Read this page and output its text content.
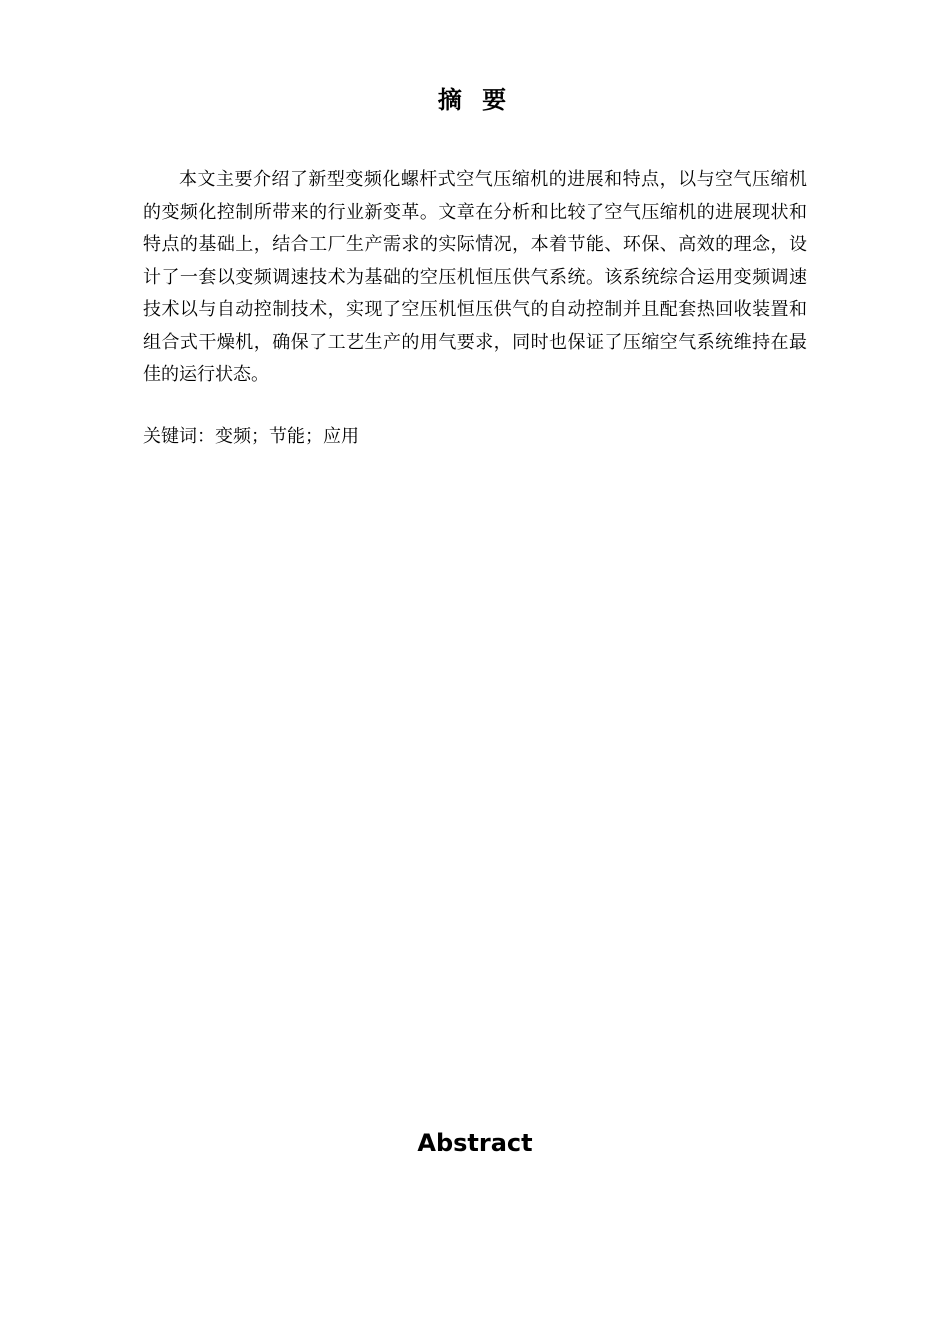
摘 要

本文主要介绍了新型变频化螺杆式空气压缩机的进展和特点，以与空气压缩机的变频化控制所带来的行业新变革。文章在分析和比较了空气压缩机的进展现状和特点的基础上，结合工厂生产需求的实际情况，本着节能、环保、高效的理念，设计了一套以变频调速技术为基础的空压机恒压供气系统。该系统综合运用变频调速技术以与自动控制技术，实现了空压机恒压供气的自动控制并且配套热回收装置和组合式干燥机，确保了工艺生产的用气要求，同时也保证了压缩空气系统维持在最佳的运行状态。

关键词：变频；节能；应用

Abstract
